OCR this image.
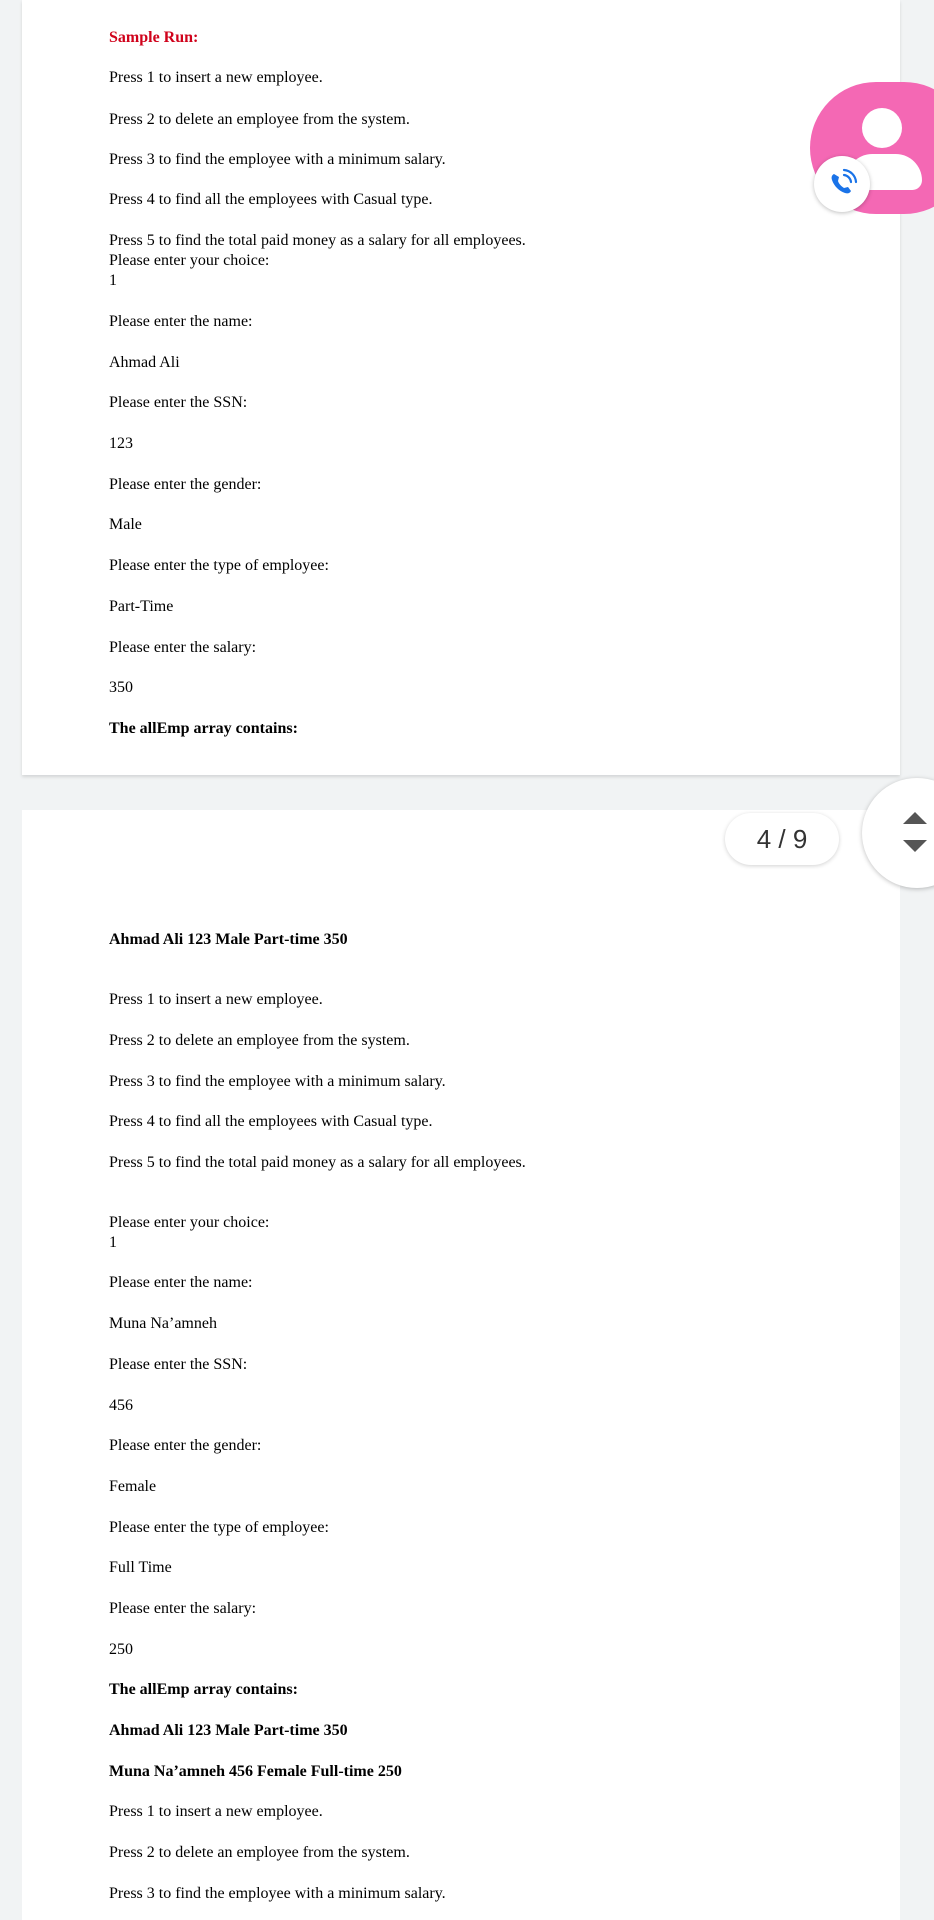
Sample Run:

Press 1 to insert a new employee.

Press 2 to delete an employee from the system.

Press 3 to find the employee with a minimum salary.

Press 4 to find all the employees with Casual type.

Press 5 to find the total paid money as a salary for all employees.

Please enter your choice:

1

Please enter the name:

Ahmad Ali

Please enter the SSN:

123

Please enter the gender:

Male

Please enter the type of employee:

Part-Time

Please enter the salary:

350

The allEmp array contains:

Ahmad Ali 123 Male Part-time 350

Press 1 to insert a new employee.

Press 2 to delete an employee from the system.

Press 3 to find the employee with a minimum salary.

Press 4 to find all the employees with Casual type.

Press 5 to find the total paid money as a salary for all employees.

Please enter your choice:

1

Please enter the name:

Muna Na’amneh

Please enter the SSN:

456

Please enter the gender:

Female

Please enter the type of employee:

Full Time

Please enter the salary:

250

The allEmp array contains:

Ahmad Ali 123 Male Part-time 350

Muna Na’amneh 456 Female Full-time 250

Press 1 to insert a new employee.

Press 2 to delete an employee from the system.

Press 3 to find the employee with a minimum salary.

4 / 9
